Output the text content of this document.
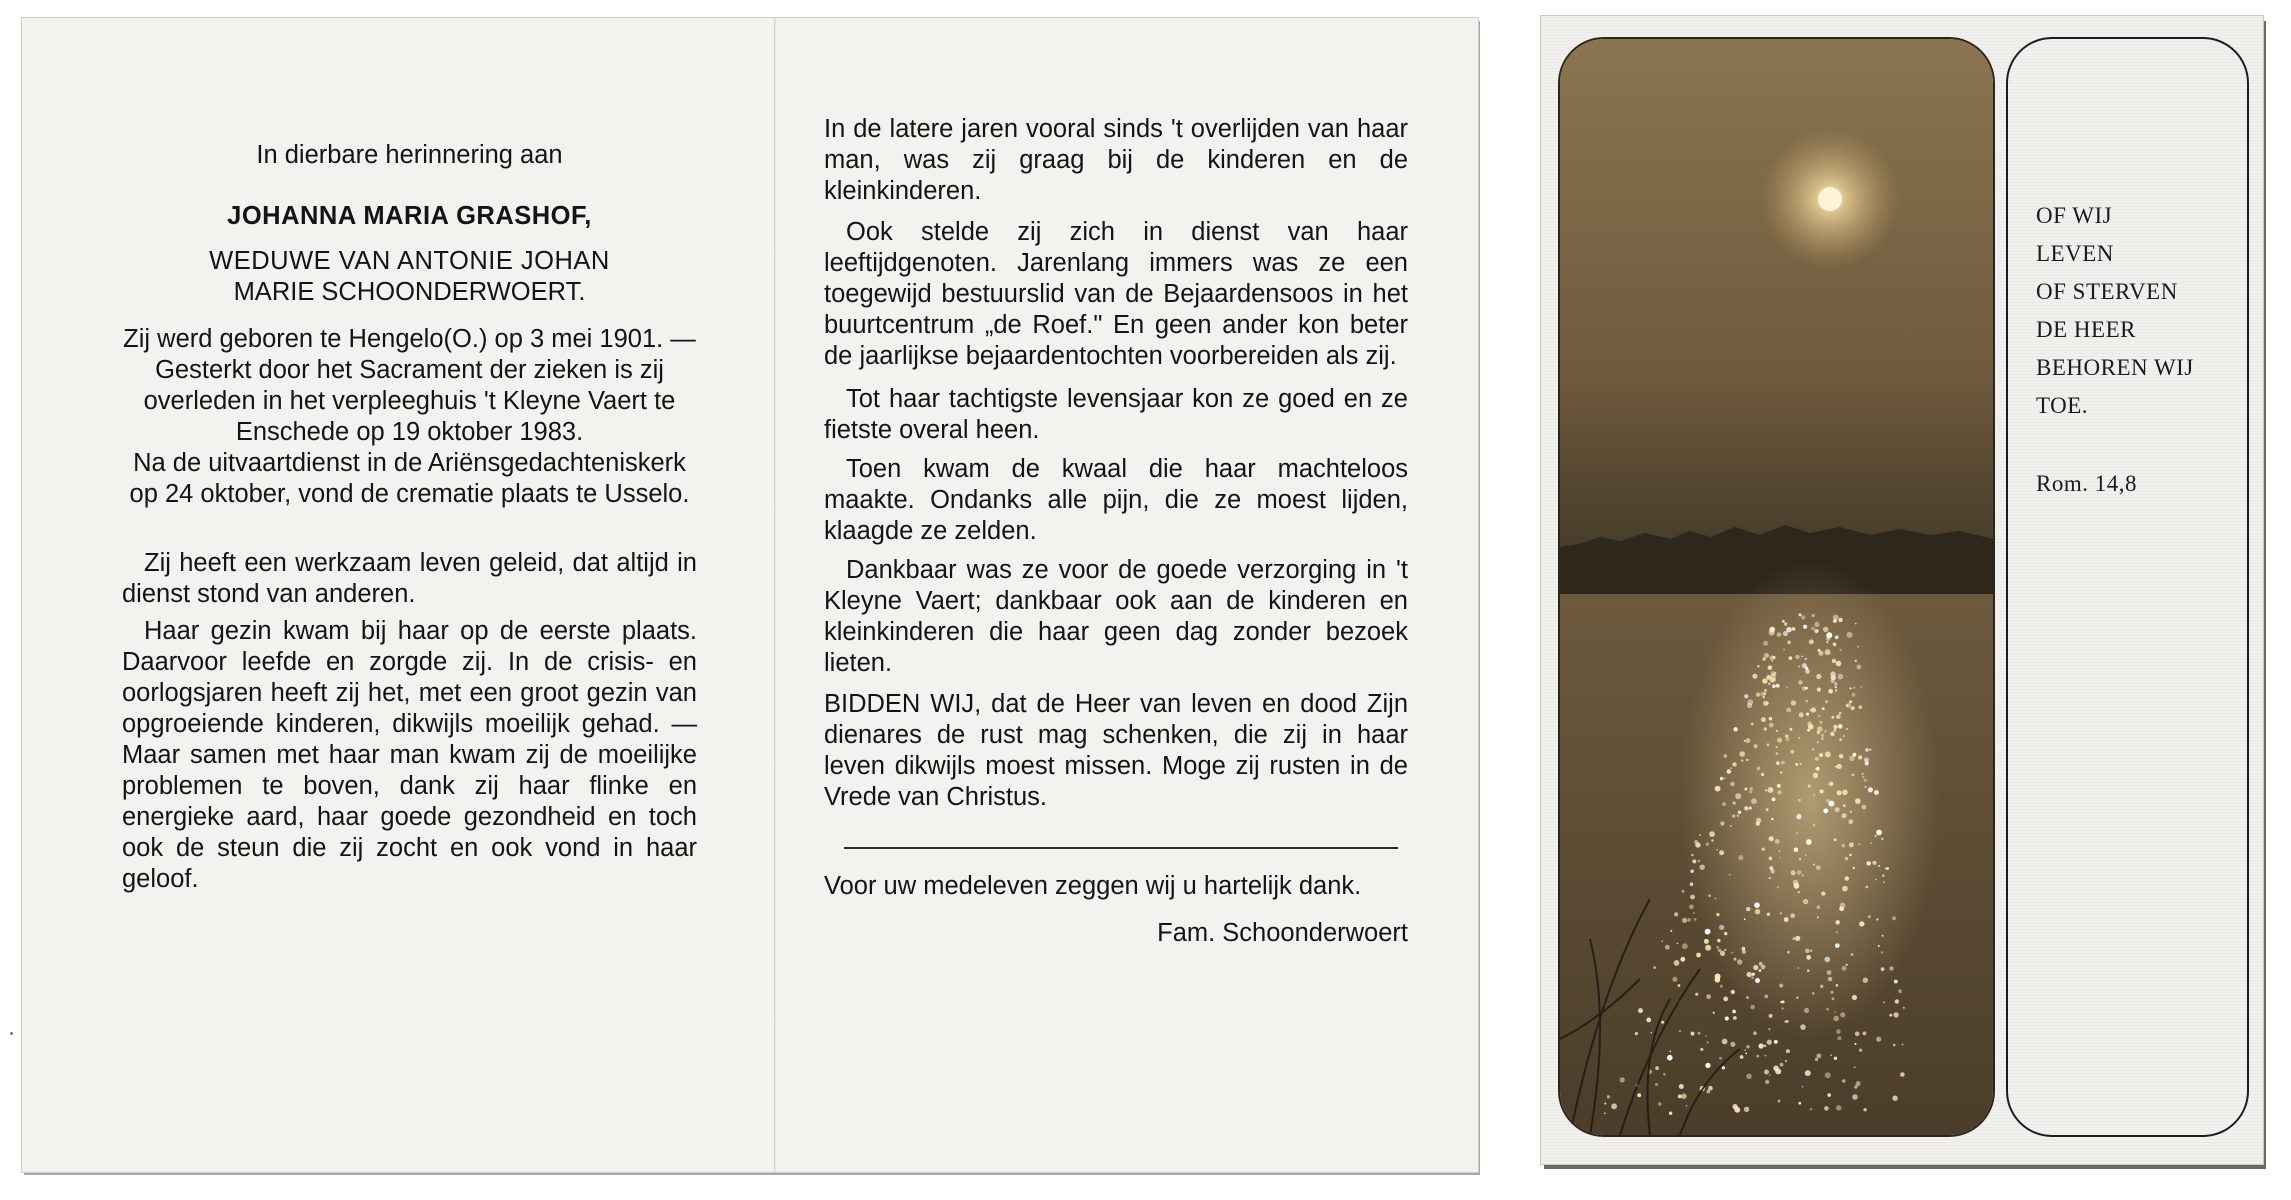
In dierbare herinnering aan

JOHANNA MARIA GRASHOF,

WEDUWE VAN ANTONIE JOHAN

MARIE SCHOONDERWOERT.

Zij werd geboren te Hengelo(O.) op 3 mei 1901. — Gesterkt door het Sacrament der zieken is zij overleden in het verpleeghuis 't Kleyne Vaert te Enschede op 19 oktober 1983.

Na de uitvaartdienst in de Ariënsgedachteniskerk op 24 oktober, vond de crematie plaats te Usselo.

Zij heeft een werkzaam leven geleid, dat altijd in dienst stond van anderen.

Haar gezin kwam bij haar op de eerste plaats. Daarvoor leefde en zorgde zij. In de crisis- en oorlogsjaren heeft zij het, met een groot gezin van opgroeiende kinderen, dikwijls moeilijk gehad. — Maar samen met haar man kwam zij de moeilijke problemen te boven, dank zij haar flinke en energieke aard, haar goede gezondheid en toch ook de steun die zij zocht en ook vond in haar geloof.

In de latere jaren vooral sinds 't overlijden van haar man, was zij graag bij de kinderen en de kleinkinderen.

Ook stelde zij zich in dienst van haar leeftijdgenoten. Jarenlang immers was ze een toegewijd bestuurslid van de Bejaardensoos in het buurtcentrum „de Roef." En geen ander kon beter de jaarlijkse bejaardentochten voorbereiden als zij.

Tot haar tachtigste levensjaar kon ze goed en ze fietste overal heen.

Toen kwam de kwaal die haar machteloos maakte. Ondanks alle pijn, die ze moest lijden, klaagde ze zelden.

Dankbaar was ze voor de goede verzorging in 't Kleyne Vaert; dankbaar ook aan de kinderen en kleinkinderen die haar geen dag zonder bezoek lieten.

BIDDEN WIJ, dat de Heer van leven en dood Zijn dienares de rust mag schenken, die zij in haar leven dikwijls moest missen. Moge zij rusten in de Vrede van Christus.

Voor uw medeleven zeggen wij u hartelijk dank.

Fam. Schoonderwoert

OF WIJ
LEVEN
OF STERVEN
DE HEER
BEHOREN WIJ
TOE.
Rom. 14,8
